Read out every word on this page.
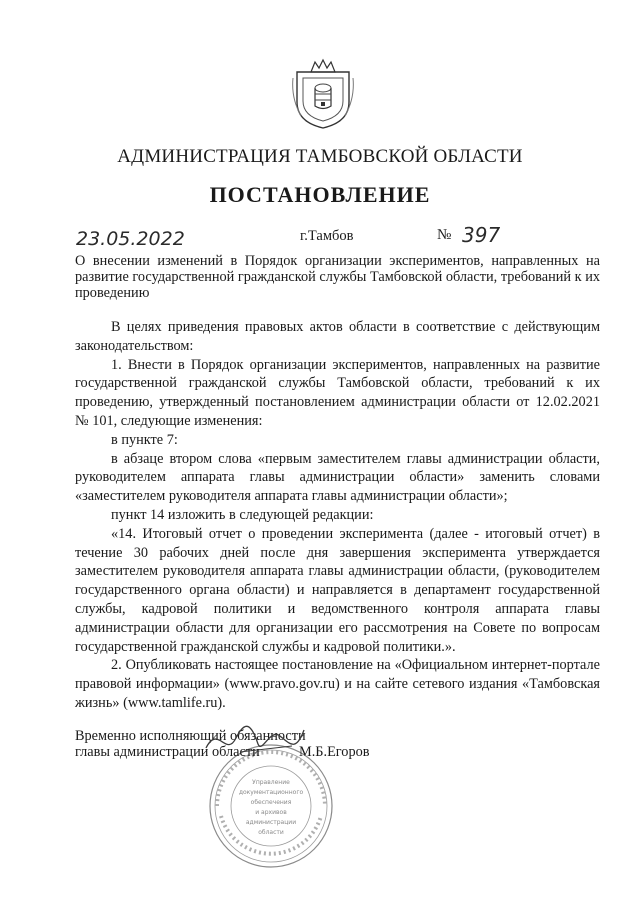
АДМИНИСТРАЦИЯ ТАМБОВСКОЙ ОБЛАСТИ
ПОСТАНОВЛЕНИЕ
23.05.2022	г.Тамбов	№ 397
О внесении изменений в Порядок организации экспериментов, направленных на развитие государственной гражданской службы Тамбовской области, требований к их проведению

В целях приведения правовых актов области в соответствие с действующим законодательством:

1. Внести в Порядок организации экспериментов, направленных на развитие государственной гражданской службы Тамбовской области, требований к их проведению, утвержденный постановлением администрации области от 12.02.2021 № 101, следующие изменения:

в пункте 7:

в абзаце втором слова «первым заместителем главы администрации области, руководителем аппарата главы администрации области» заменить словами «заместителем руководителя аппарата главы администрации области»;

пункт 14 изложить в следующей редакции:

«14. Итоговый отчет о проведении эксперимента (далее - итоговый отчет) в течение 30 рабочих дней после дня завершения эксперимента утверждается заместителем руководителя аппарата главы администрации области, (руководителем государственного органа области) и направляется в департамент государственной службы, кадровой политики и ведомственного контроля аппарата главы администрации области для организации его рассмотрения на Совете по вопросам государственной гражданской службы и кадровой политики.».

2. Опубликовать настоящее постановление на «Официальном интернет-портале правовой информации» (www.pravo.gov.ru) и на сайте сетевого издания «Тамбовская жизнь» (www.tamlife.ru).

Управление
документационного
обеспечения
и архивов
администрации
области
Временно исполняющий обязанности
главы администрации области	М.Б.Егоров
